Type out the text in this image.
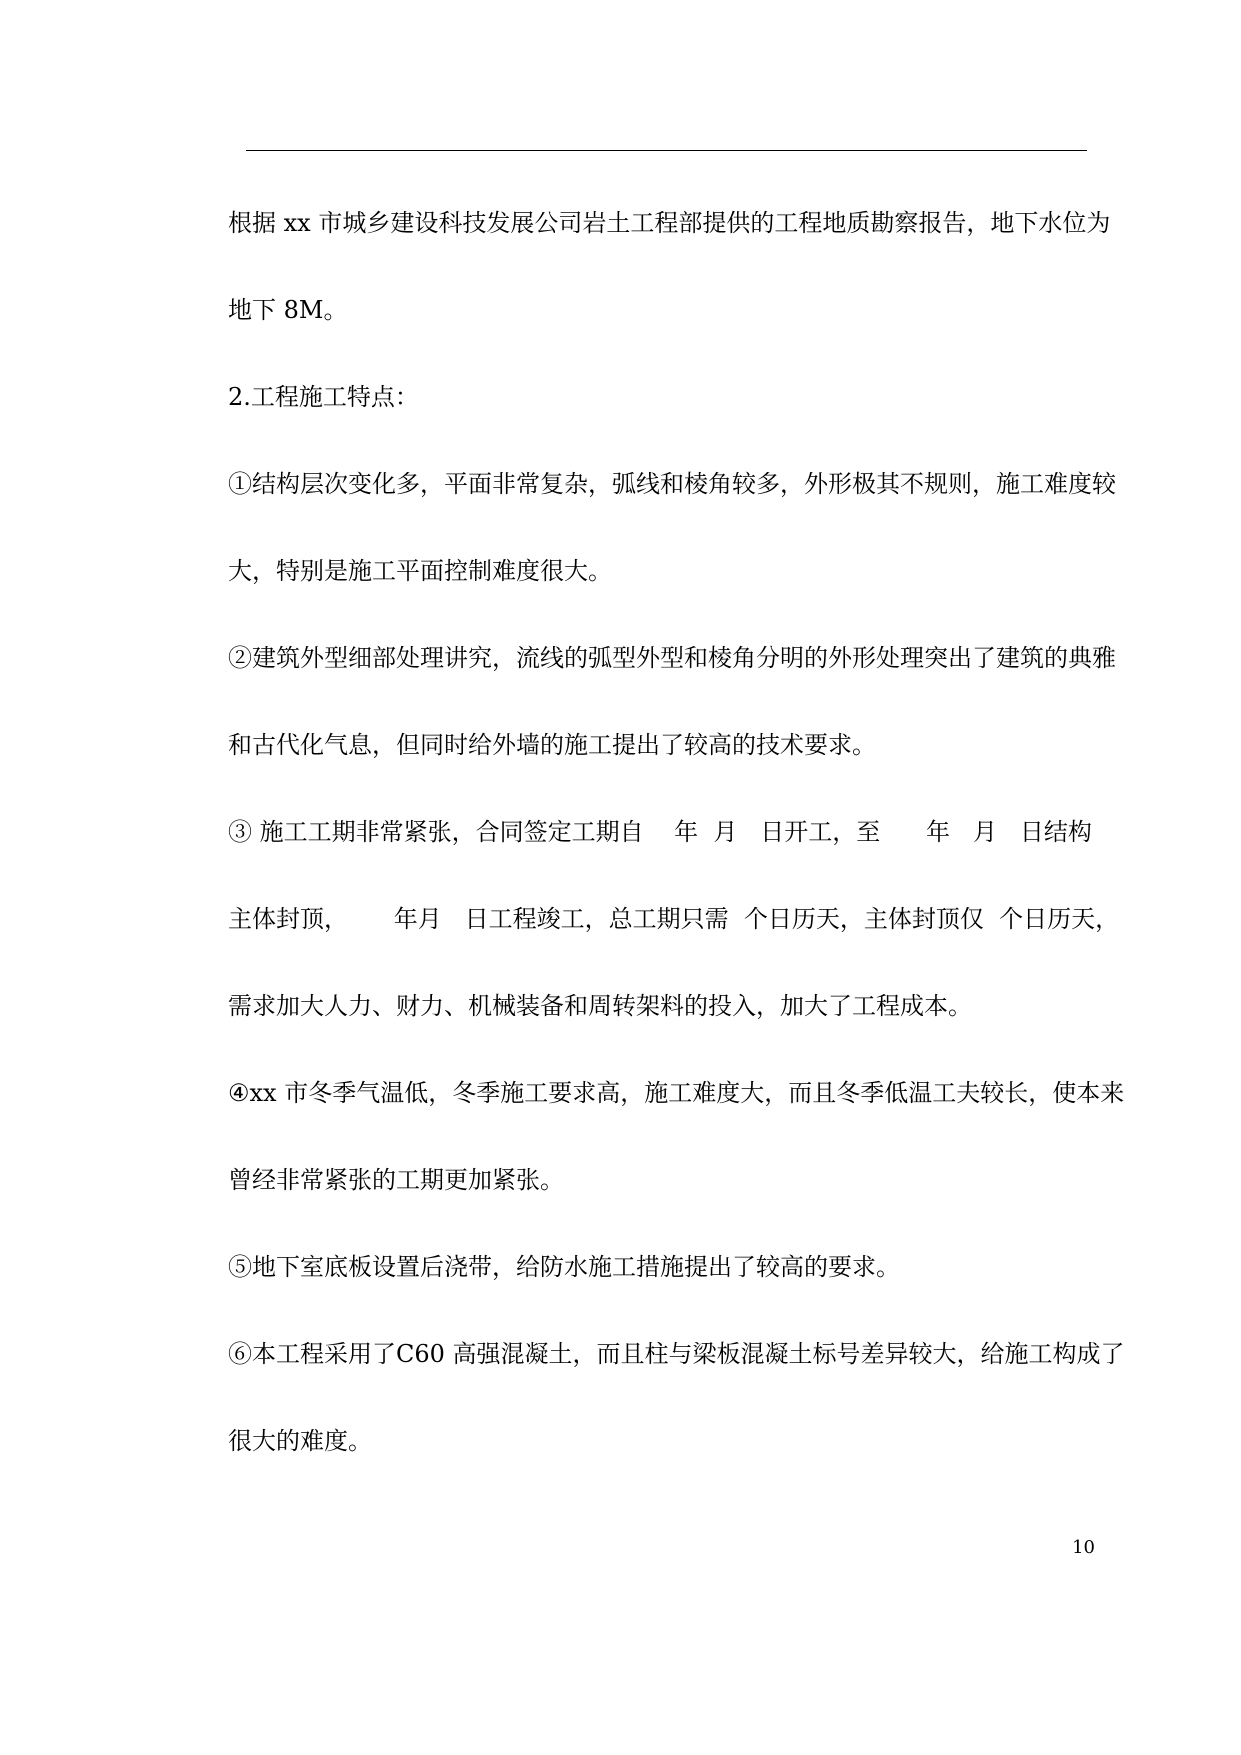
根据 xx 市城乡建设科技发展公司岩土工程部提供的工程地质勘察报告，地下水位为
地下 8M。
2.工程施工特点：
①结构层次变化多，平面非常复杂，弧线和棱角较多，外形极其不规则，施工难度较
大，特别是施工平面控制难度很大。
②建筑外型细部处理讲究，流线的弧型外型和棱角分明的外形处理突出了建筑的典雅
和古代化气息，但同时给外墙的施工提出了较高的技术要求。
③ 施工工期非常紧张，合同签定工期自    年  月   日开工，至      年   月   日结构
主体封顶，      年月   日工程竣工，总工期只需  个日历天，主体封顶仅  个日历天，
需求加大人力、财力、机械装备和周转架料的投入，加大了工程成本。
④xx 市冬季气温低，冬季施工要求高，施工难度大，而且冬季低温工夫较长，使本来
曾经非常紧张的工期更加紧张。
⑤地下室底板设置后浇带，给防水施工措施提出了较高的要求。
⑥本工程采用了C60 高强混凝土，而且柱与梁板混凝土标号差异较大，给施工构成了
很大的难度。
10
